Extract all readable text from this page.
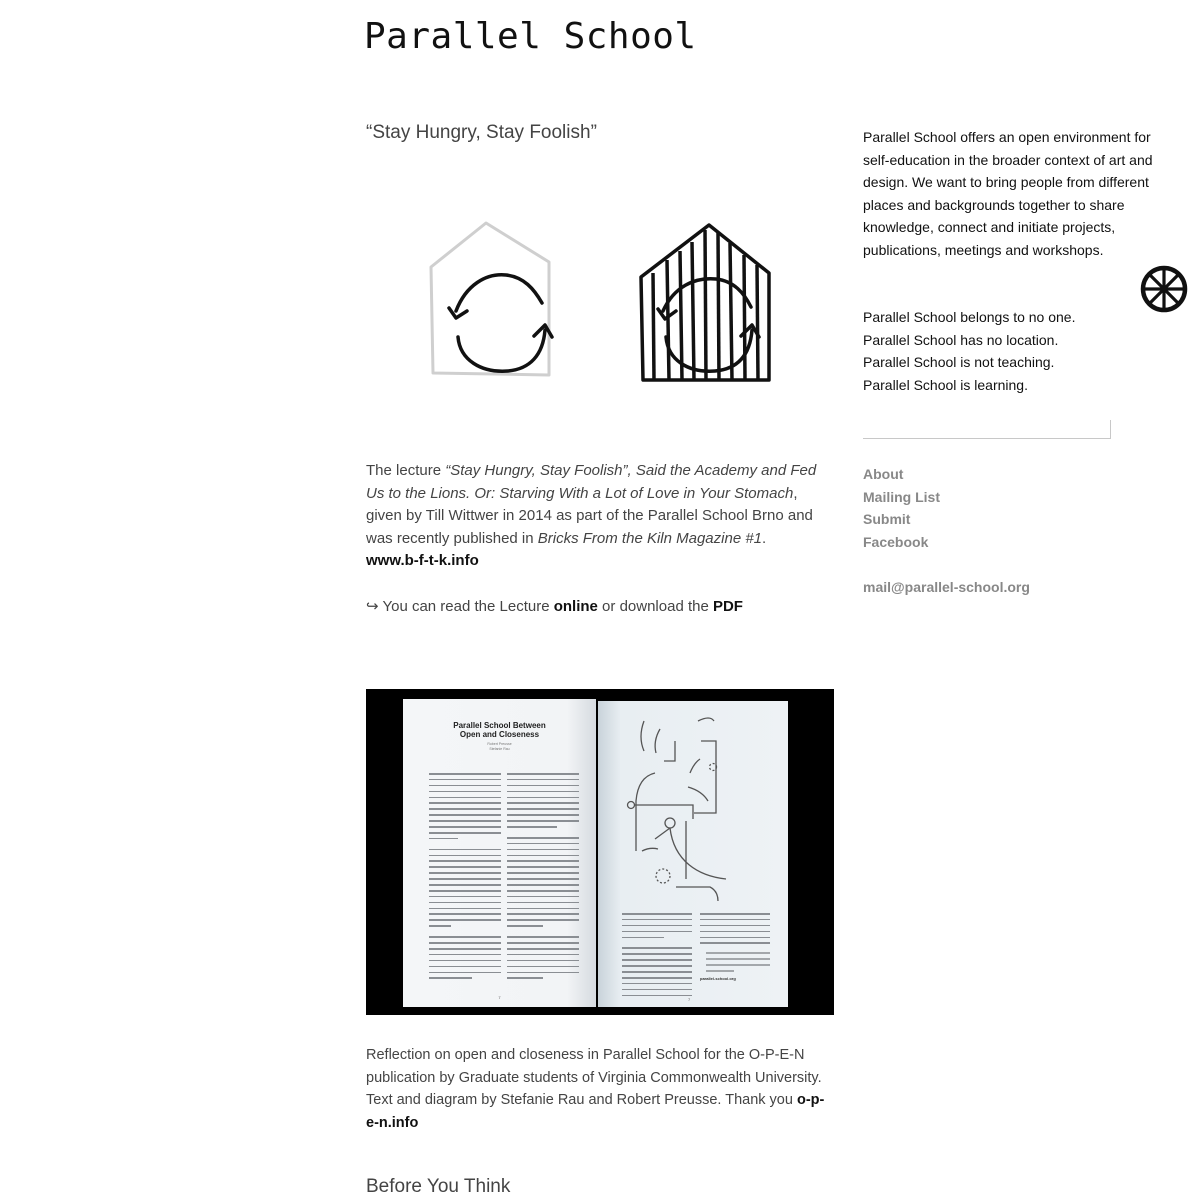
Parallel School
“Stay Hungry, Stay Foolish”

The lecture “Stay Hungry, Stay Foolish”, Said the Academy and Fed Us to the Lions. Or: Starving With a Lot of Love in Your Stomach, given by Till Wittwer in 2014 as part of the Parallel School Brno and was recently published in Bricks From the Kiln Magazine #1.
www.b-f-t-k.info

↪ You can read the Lecture online or download the PDF

Parallel School Between
Open and Closeness
Robert Preusse
Stefanie Rau
7
parallel-school.org
7

Reflection on open and closeness in Parallel School for the O-P-E-N publication by Graduate students of Virginia Commonwealth University. Text and diagram by Stefanie Rau and Robert Preusse. Thank you o-p-e-n.info

Before You Think

Parallel School offers an open environment for self-education in the broader context of art and design. We want to bring people from different places and backgrounds together to share knowledge, connect and initiate projects, publications, meetings and workshops.

Parallel School belongs to no one.
Parallel School has no location.
Parallel School is not teaching.
Parallel School is learning.
About
Mailing List
Submit
Facebook
mail@parallel-school.org
